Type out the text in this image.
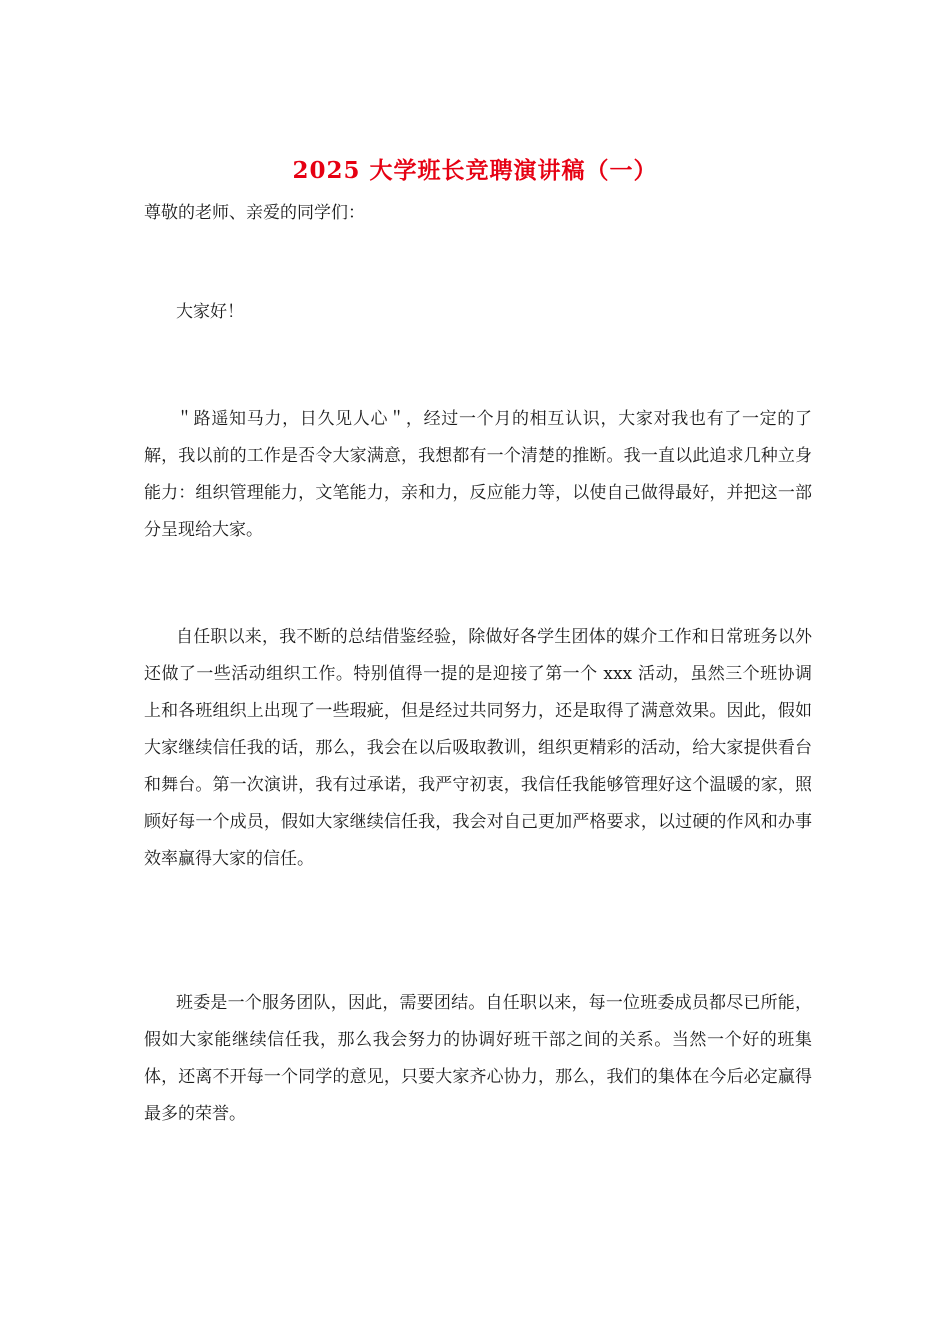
2025 大学班长竞聘演讲稿（一）

尊敬的老师、亲爱的同学们：

大家好！

＂路遥知马力，日久见人心＂，经过一个月的相互认识，大家对我也有了一定的了解，我以前的工作是否令大家满意，我想都有一个清楚的推断。我一直以此追求几种立身能力：组织管理能力，文笔能力，亲和力，反应能力等，以使自己做得最好，并把这一部分呈现给大家。

自任职以来，我不断的总结借鉴经验，除做好各学生团体的媒介工作和日常班务以外还做了一些活动组织工作。特别值得一提的是迎接了第一个 xxx 活动，虽然三个班协调上和各班组织上出现了一些瑕疵，但是经过共同努力，还是取得了满意效果。因此，假如大家继续信任我的话，那么，我会在以后吸取教训，组织更精彩的活动，给大家提供看台和舞台。第一次演讲，我有过承诺，我严守初衷，我信任我能够管理好这个温暖的家，照顾好每一个成员，假如大家继续信任我，我会对自己更加严格要求，以过硬的作风和办事效率赢得大家的信任。

班委是一个服务团队，因此，需要团结。自任职以来，每一位班委成员都尽已所能，假如大家能继续信任我，那么我会努力的协调好班干部之间的关系。当然一个好的班集体，还离不开每一个同学的意见，只要大家齐心协力，那么，我们的集体在今后必定赢得最多的荣誉。
